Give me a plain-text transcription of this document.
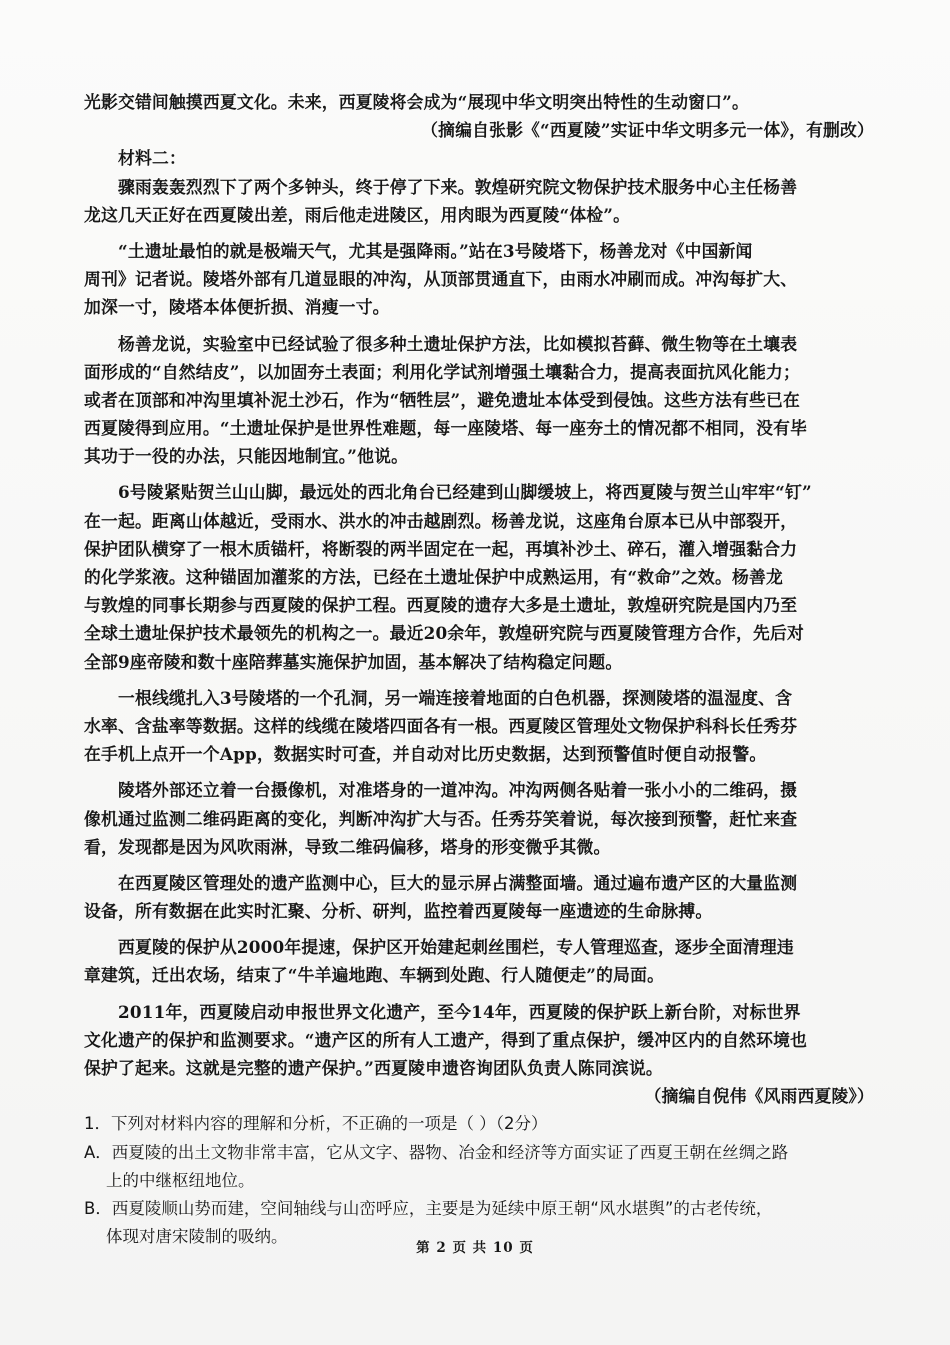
光影交错间触摸西夏文化。未来，西夏陵将会成为“展现中华文明突出特性的生动窗口”。
（摘编自张影《“西夏陵”实证中华文明多元一体》，有删改）
材料二：
骤雨轰轰烈烈下了两个多钟头，终于停了下来。敦煌研究院文物保护技术服务中心主任杨善
龙这几天正好在西夏陵出差，雨后他走进陵区，用肉眼为西夏陵“体检”。
“土遗址最怕的就是极端天气，尤其是强降雨。”站在3号陵塔下，杨善龙对《中国新闻
周刊》记者说。陵塔外部有几道显眼的冲沟，从顶部贯通直下，由雨水冲刷而成。冲沟每扩大、
加深一寸，陵塔本体便折损、消瘦一寸。
杨善龙说，实验室中已经试验了很多种土遗址保护方法，比如模拟苔藓、微生物等在土壤表
面形成的“自然结皮”，以加固夯土表面；利用化学试剂增强土壤黏合力，提高表面抗风化能力；
或者在顶部和冲沟里填补泥土沙石，作为“牺牲层”，避免遗址本体受到侵蚀。这些方法有些已在
西夏陵得到应用。“土遗址保护是世界性难题，每一座陵塔、每一座夯土的情况都不相同，没有毕
其功于一役的办法，只能因地制宜。”他说。
6号陵紧贴贺兰山山脚，最远处的西北角台已经建到山脚缓坡上，将西夏陵与贺兰山牢牢“钉”
在一起。距离山体越近，受雨水、洪水的冲击越剧烈。杨善龙说，这座角台原本已从中部裂开，
保护团队横穿了一根木质锚杆，将断裂的两半固定在一起，再填补沙土、碎石，灌入增强黏合力
的化学浆液。这种锚固加灌浆的方法，已经在土遗址保护中成熟运用，有“救命”之效。杨善龙
与敦煌的同事长期参与西夏陵的保护工程。西夏陵的遗存大多是土遗址，敦煌研究院是国内乃至
全球土遗址保护技术最领先的机构之一。最近20余年，敦煌研究院与西夏陵管理方合作，先后对
全部9座帝陵和数十座陪葬墓实施保护加固，基本解决了结构稳定问题。
一根线缆扎入3号陵塔的一个孔洞，另一端连接着地面的白色机器，探测陵塔的温湿度、含
水率、含盐率等数据。这样的线缆在陵塔四面各有一根。西夏陵区管理处文物保护科科长任秀芬
在手机上点开一个App，数据实时可查，并自动对比历史数据，达到预警值时便自动报警。
陵塔外部还立着一台摄像机，对准塔身的一道冲沟。冲沟两侧各贴着一张小小的二维码，摄
像机通过监测二维码距离的变化，判断冲沟扩大与否。任秀芬笑着说，每次接到预警，赶忙来查
看，发现都是因为风吹雨淋，导致二维码偏移，塔身的形变微乎其微。
在西夏陵区管理处的遗产监测中心，巨大的显示屏占满整面墙。通过遍布遗产区的大量监测
设备，所有数据在此实时汇聚、分析、研判，监控着西夏陵每一座遗迹的生命脉搏。
西夏陵的保护从2000年提速，保护区开始建起刺丝围栏，专人管理巡查，逐步全面清理违
章建筑，迁出农场，结束了“牛羊遍地跑、车辆到处跑、行人随便走”的局面。
2011年，西夏陵启动申报世界文化遗产，至今14年，西夏陵的保护跃上新台阶，对标世界
文化遗产的保护和监测要求。“遗产区的所有人工遗产，得到了重点保护，缓冲区内的自然环境也
保护了起来。这就是完整的遗产保护。”西夏陵申遗咨询团队负责人陈同滨说。
（摘编自倪伟《风雨西夏陵》）
1．下列对材料内容的理解和分析，不正确的一项是（ ）（2分）
A．西夏陵的出土文物非常丰富，它从文字、器物、冶金和经济等方面实证了西夏王朝在丝绸之路
上的中继枢纽地位。
B．西夏陵顺山势而建，空间轴线与山峦呼应，主要是为延续中原王朝“风水堪舆”的古老传统，
体现对唐宋陵制的吸纳。
第 2 页 共 10 页
